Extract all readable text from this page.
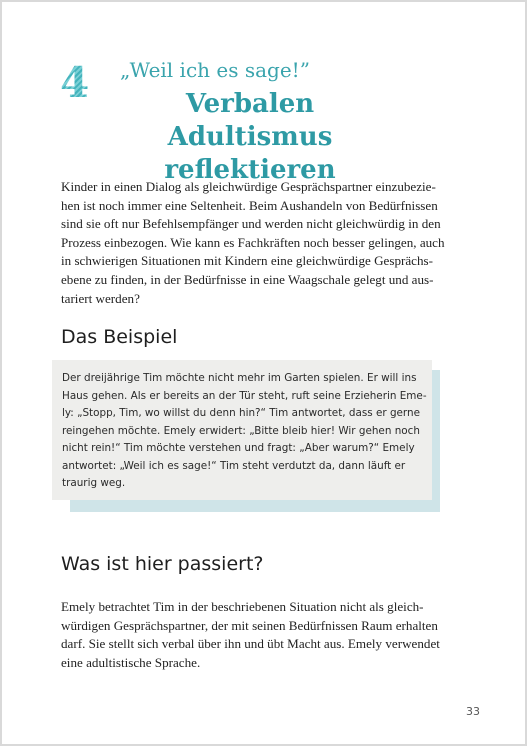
4 „Weil ich es sage!”
Verbalen Adultismus reflektieren
Kinder in einen Dialog als gleichwürdige Gesprächspartner einzubezie-
hen ist noch immer eine Seltenheit. Beim Aushandeln von Bedürfnissen
sind sie oft nur Befehlsempfänger und werden nicht gleichwürdig in den
Prozess einbezogen. Wie kann es Fachkräften noch besser gelingen, auch
in schwierigen Situationen mit Kindern eine gleichwürdige Gesprächs-
ebene zu finden, in der Bedürfnisse in eine Waagschale gelegt und aus-
tariert werden?
Das Beispiel
Der dreijährige Tim möchte nicht mehr im Garten spielen. Er will ins
Haus gehen. Als er bereits an der Tür steht, ruft seine Erzieherin Eme-
ly: „Stopp, Tim, wo willst du denn hin?“ Tim antwortet, dass er gerne
reingehen möchte. Emely erwidert: „Bitte bleib hier! Wir gehen noch
nicht rein!“ Tim möchte verstehen und fragt: „Aber warum?“ Emely
antwortet: „Weil ich es sage!“ Tim steht verdutzt da, dann läuft er
traurig weg.
Was ist hier passiert?
Emely betrachtet Tim in der beschriebenen Situation nicht als gleich-
würdigen Gesprächspartner, der mit seinen Bedürfnissen Raum erhalten
darf. Sie stellt sich verbal über ihn und übt Macht aus. Emely verwendet
eine adultistische Sprache.
33
